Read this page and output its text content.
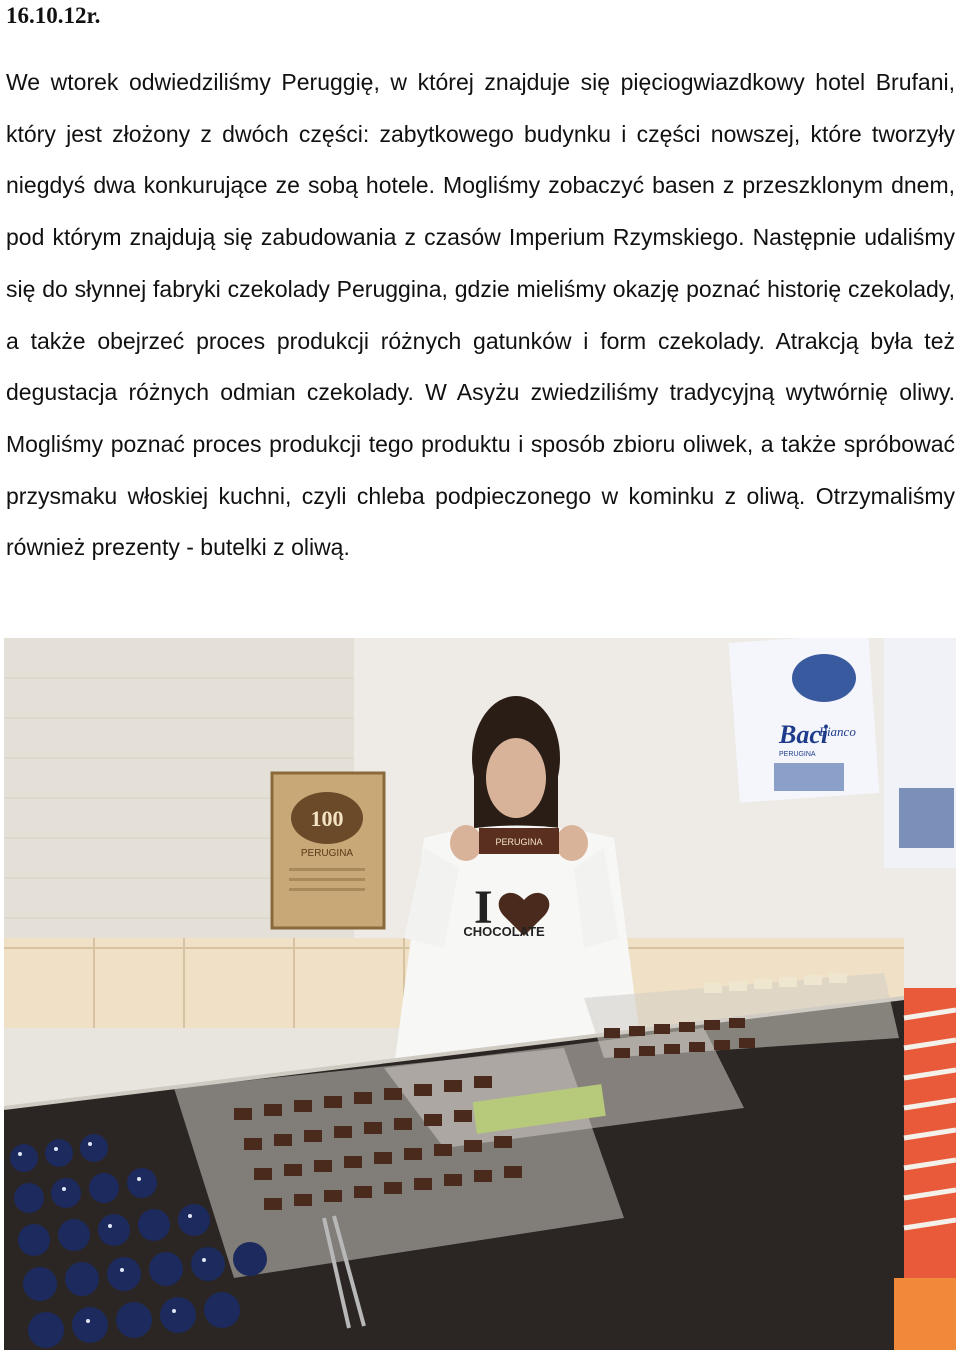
16.10.12r.

We wtorek odwiedziliśmy Peruggię, w której znajduje się pięciogwiazdkowy hotel Brufani, który jest złożony z dwóch części: zabytkowego budynku i części nowszej, które tworzyły niegdyś dwa konkurujące ze sobą hotele. Mogliśmy zobaczyć basen z przeszklonym dnem, pod którym znajdują się zabudowania z czasów Imperium Rzymskiego. Następnie udaliśmy się do słynnej fabryki czekolady Peruggina, gdzie mieliśmy okazję poznać historię czekolady, a także obejrzeć proces produkcji różnych gatunków i form czekolady. Atrakcją była też degustacja różnych odmian czekolady. W Asyżu zwiedziliśmy tradycyjną wytwórnię oliwy. Mogliśmy poznać proces produkcji tego produktu i sposób zbioru oliwek, a także spróbować przysmaku włoskiej kuchni, czyli chleba podpieczonego w kominku z oliwą. Otrzymaliśmy również prezenty - butelki z oliwą.

100
PERUGINA
Baci
Bianco
PERUGINA
PERUGINA
I
CHOCOLATE
